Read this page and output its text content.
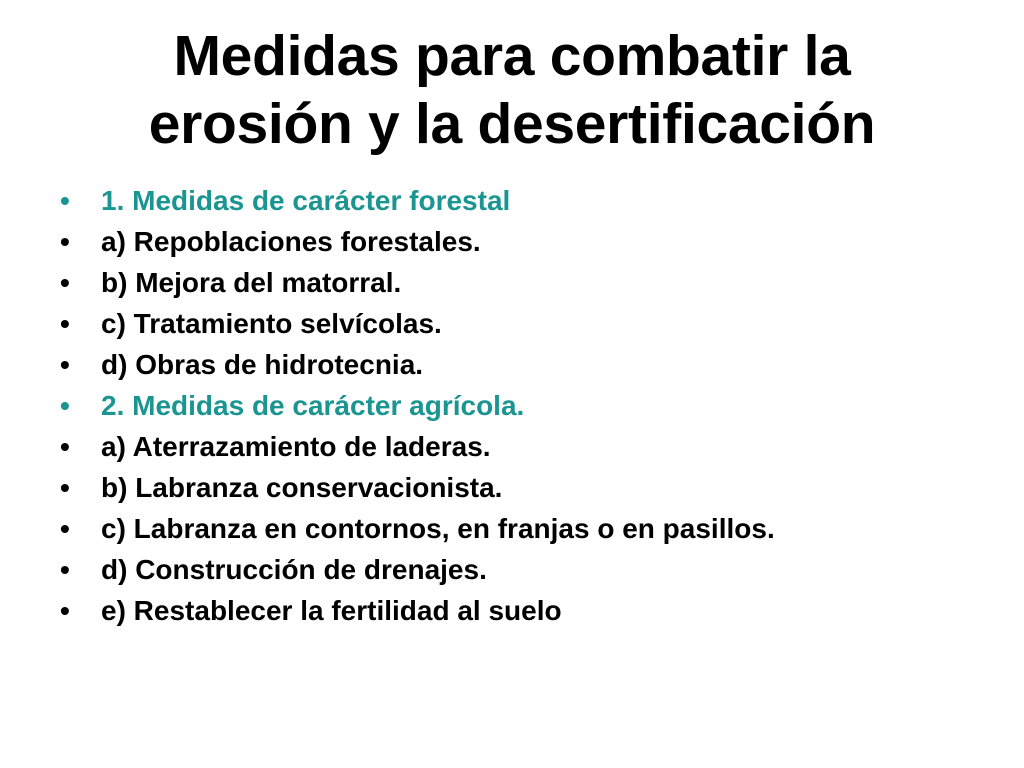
Medidas para combatir la
erosión y la desertificación
•	1. Medidas de carácter forestal
•	a) Repoblaciones forestales.
•	b) Mejora del matorral.
•	c) Tratamiento selvícolas.
•	d) Obras de hidrotecnia.
•	2. Medidas de carácter agrícola.
•	a) Aterrazamiento de laderas.
•	b) Labranza conservacionista.
•	c) Labranza en contornos, en franjas o en pasillos.
•	d) Construcción de drenajes.
•	e) Restablecer la fertilidad al suelo
